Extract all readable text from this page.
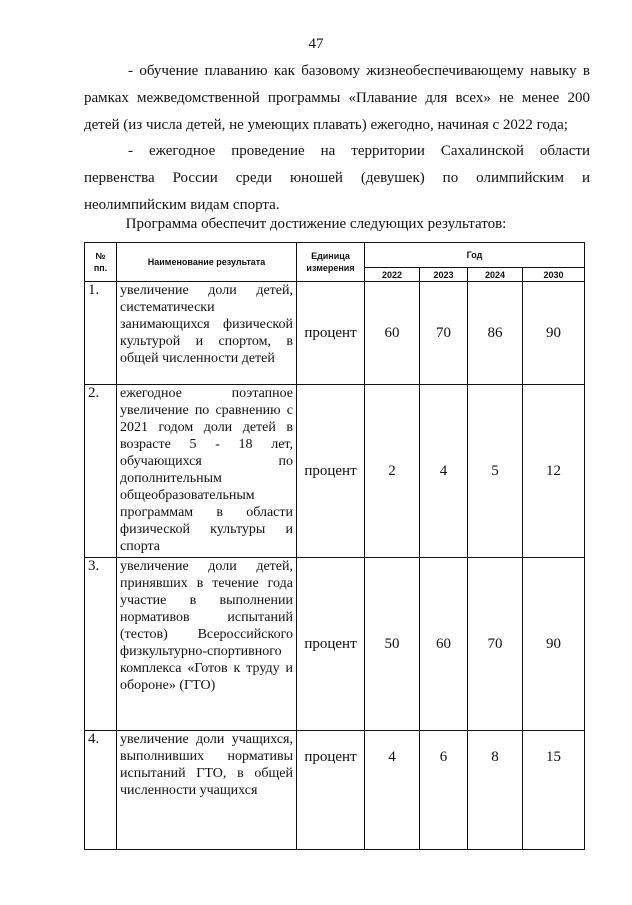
47
- обучение плаванию как базовому жизнеобеспечивающему навыку в рамках межведомственной программы «Плавание для всех» не менее 200 детей (из числа детей, не умеющих плавать) ежегодно, начиная с 2022 года;
- ежегодное проведение на территории Сахалинской области первенства России среди юношей (девушек) по олимпийским и неолимпийским видам спорта.
Программа обеспечит достижение следующих результатов:
№ пп.	Наименование результата	Единица измерения	Год			
			2022	2023	2024	2030
1.	увеличение доли детей, систематически занимающихся физической культурой и спортом, в общей численности детей	процент	60	70	86	90
2.	ежегодное поэтапное увеличение по сравнению с 2021 годом доли детей в возрасте 5 - 18 лет, обучающихся по дополнительным общеобразовательным программам в области физической культуры и спорта	процент	2	4	5	12
3.	увеличение доли детей, принявших в течение года участие в выполнении нормативов испытаний (тестов) Всероссийского физкультурно-спортивного комплекса «Готов к труду и обороне» (ГТО)	процент	50	60	70	90
4.	увеличение доли учащихся, выполнивших нормативы испытаний ГТО, в общей численности учащихся	процент	4	6	8	15
